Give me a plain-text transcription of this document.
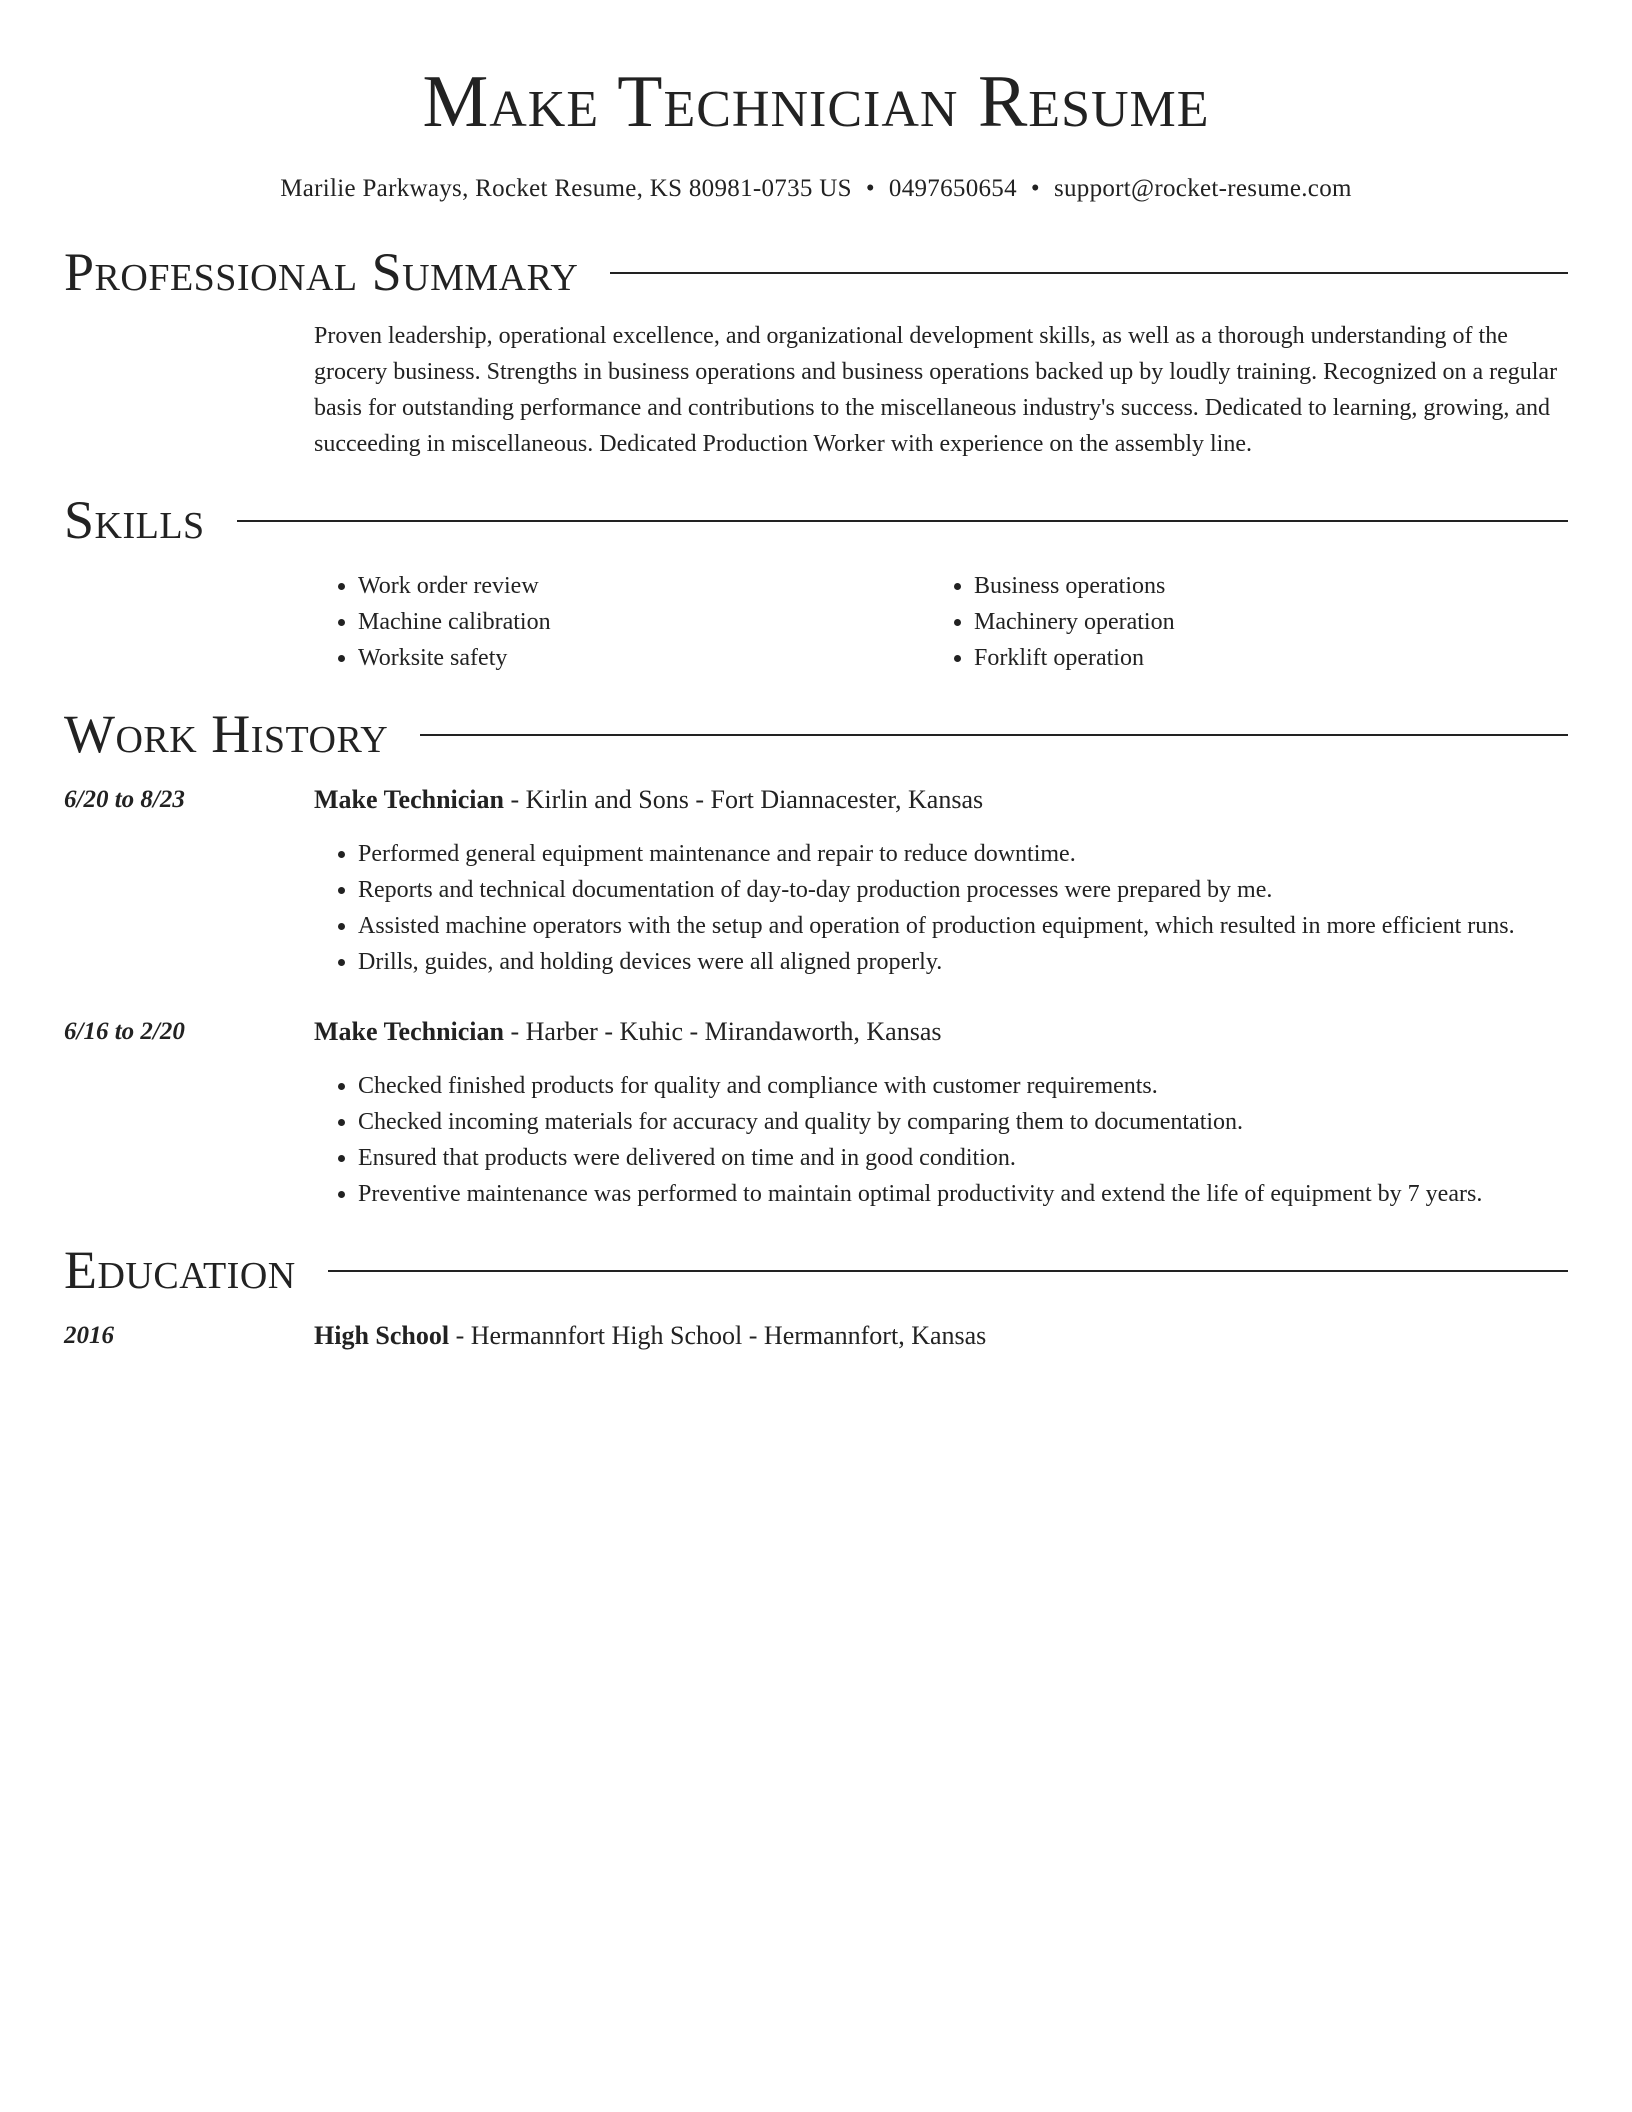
Make Technician Resume
Marilie Parkways, Rocket Resume, KS 80981-0735 US • 0497650654 • support@rocket-resume.com
Professional Summary
Proven leadership, operational excellence, and organizational development skills, as well as a thorough understanding of the grocery business. Strengths in business operations and business operations backed up by loudly training. Recognized on a regular basis for outstanding performance and contributions to the miscellaneous industry's success. Dedicated to learning, growing, and succeeding in miscellaneous. Dedicated Production Worker with experience on the assembly line.
Skills
• Work order review
• Machine calibration
• Worksite safety
• Business operations
• Machinery operation
• Forklift operation
Work History
6/20 to 8/23	Make Technician - Kirlin and Sons - Fort Diannacester, Kansas
• Performed general equipment maintenance and repair to reduce downtime.
• Reports and technical documentation of day-to-day production processes were prepared by me.
• Assisted machine operators with the setup and operation of production equipment, which resulted in more efficient runs.
• Drills, guides, and holding devices were all aligned properly.
6/16 to 2/20	Make Technician - Harber - Kuhic - Mirandaworth, Kansas
• Checked finished products for quality and compliance with customer requirements.
• Checked incoming materials for accuracy and quality by comparing them to documentation.
• Ensured that products were delivered on time and in good condition.
• Preventive maintenance was performed to maintain optimal productivity and extend the life of equipment by 7 years.
Education
2016	High School - Hermannfort High School - Hermannfort, Kansas
